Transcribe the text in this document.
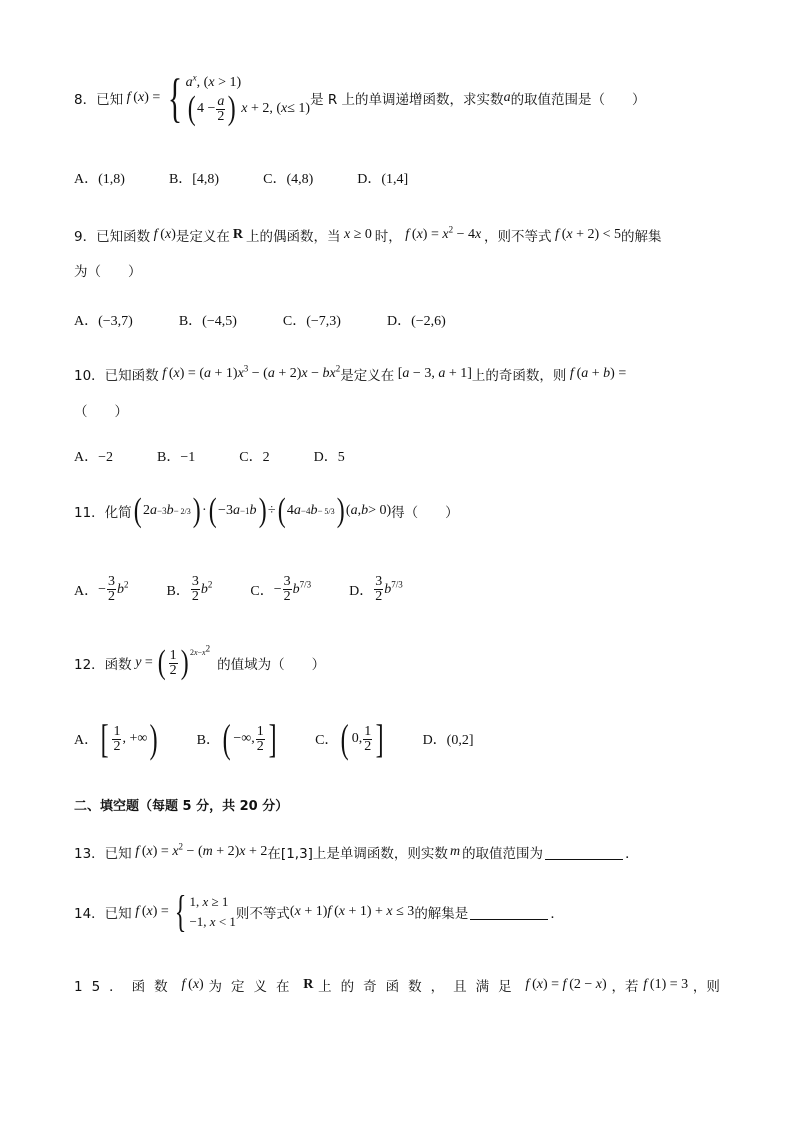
8．已知 f  ( x ) = { $a^x$, (x > 1)
( $4 - \frac{a}{2}$ )
x + 2, ( x ≤ 1)
是 R 上的单调递增函数，求实数 a 的取值范围是（　　）
A．(1,8)	B．[4,8)	C．(4,8)	D．(1,4]
9．已知函数 f  ( x ) 是定义在 R 上的偶函数，当 x ≥ 0  时， f $(x) = x^2 - 4x$  ，则不等式 f (x + 2) < 5 的解集
为（　　）
A．(−3,7)	B．(−4,5)	C．(−7,3)	D．(−2,6)
10．已知函数 f $(x) = (a + 1)x^3 - (a + 2)x - bx^2$ 是定义在 [a − 3, a + 1] 上的奇函数，则 f (a + b) =
（　　）
A．−2	B．−1	C．2	D．5
11．化简 ( 2 a −3 b − 2/3 ) · ( −3 a −1 b ) ÷ ( 4 a −4 b − 5/3 ) ( a , b > 0) 得（　　）
A． − $\frac{3}{2} b^2$	B． $\frac{3}{2} b^2$	C． − $\frac{3}{2} b^{7/3}$	D． $\frac{3}{2} b^{7/3}$
12．函数
y = ( $\frac{1}{2}$ ) $^{2x-x^2}$

的值域为（　　）
A． [ $\frac{1}{2}$ , +∞ )	B． ( −∞, $\frac{1}{2}$ ]	C． ( 0, $\frac{1}{2}$ ]	D．(0,2]
二、填空题（每题 5 分，共 20 分）
13．已知 f $(x) = x^2 - (m + 2)x + 2$ 在[1,3]上是单调函数，则实数 m 的取值范围为	．
14．已知 f (x) = { 1, x ≥ 1
−1, x < 1 则不等式 (x + 1)f (x + 1) + x ≤ 3 的解集是	．
15．函数 f (x) 为定义在 R 上的奇函数，且满足 f (x) = f (2 − x) ，若 f (1) = 3 ，则
